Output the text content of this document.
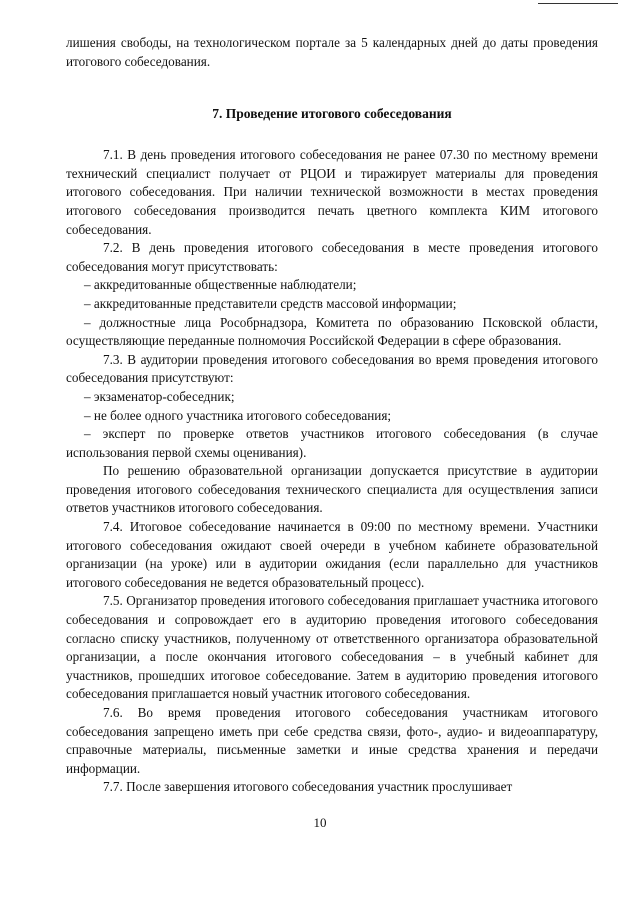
лишения свободы, на технологическом портале за 5 календарных дней до даты проведения итогового собеседования.

7. Проведение итогового собеседования

7.1. В день проведения итогового собеседования не ранее 07.30 по местному времени технический специалист получает от РЦОИ и тиражирует материалы для проведения итогового собеседования. При наличии технической возможности в местах проведения итогового собеседования производится печать цветного комплекта КИМ итогового собеседования.

7.2. В день проведения итогового собеседования в месте проведения итогового собеседования могут присутствовать:

– аккредитованные общественные наблюдатели;

– аккредитованные представители средств массовой информации;

– должностные лица Рособрнадзора, Комитета по образованию Псковской области, осуществляющие переданные полномочия Российской Федерации в сфере образования.

7.3. В аудитории проведения итогового собеседования во время проведения итогового собеседования присутствуют:

– экзаменатор-собеседник;

– не более одного участника итогового собеседования;

– эксперт по проверке ответов участников итогового собеседования (в случае использования первой схемы оценивания).

По решению образовательной организации допускается присутствие в аудитории проведения итогового собеседования технического специалиста для осуществления записи ответов участников итогового собеседования.

7.4. Итоговое собеседование начинается в 09:00 по местному времени. Участники итогового собеседования ожидают своей очереди в учебном кабинете образовательной организации (на уроке) или в аудитории ожидания (если параллельно для участников итогового собеседования не ведется образовательный процесс).

7.5. Организатор проведения итогового собеседования приглашает участника итогового собеседования и сопровождает его в аудиторию проведения итогового собеседования согласно списку участников, полученному от ответственного организатора образовательной организации, а после окончания итогового собеседования – в учебный кабинет для участников, прошедших итоговое собеседование. Затем в аудиторию проведения итогового собеседования приглашается новый участник итогового собеседования.

7.6. Во время проведения итогового собеседования участникам итогового собеседования запрещено иметь при себе средства связи, фото-, аудио- и видеоаппаратуру, справочные материалы, письменные заметки и иные средства хранения и передачи информации.

7.7. После завершения итогового собеседования участник прослушивает

10
